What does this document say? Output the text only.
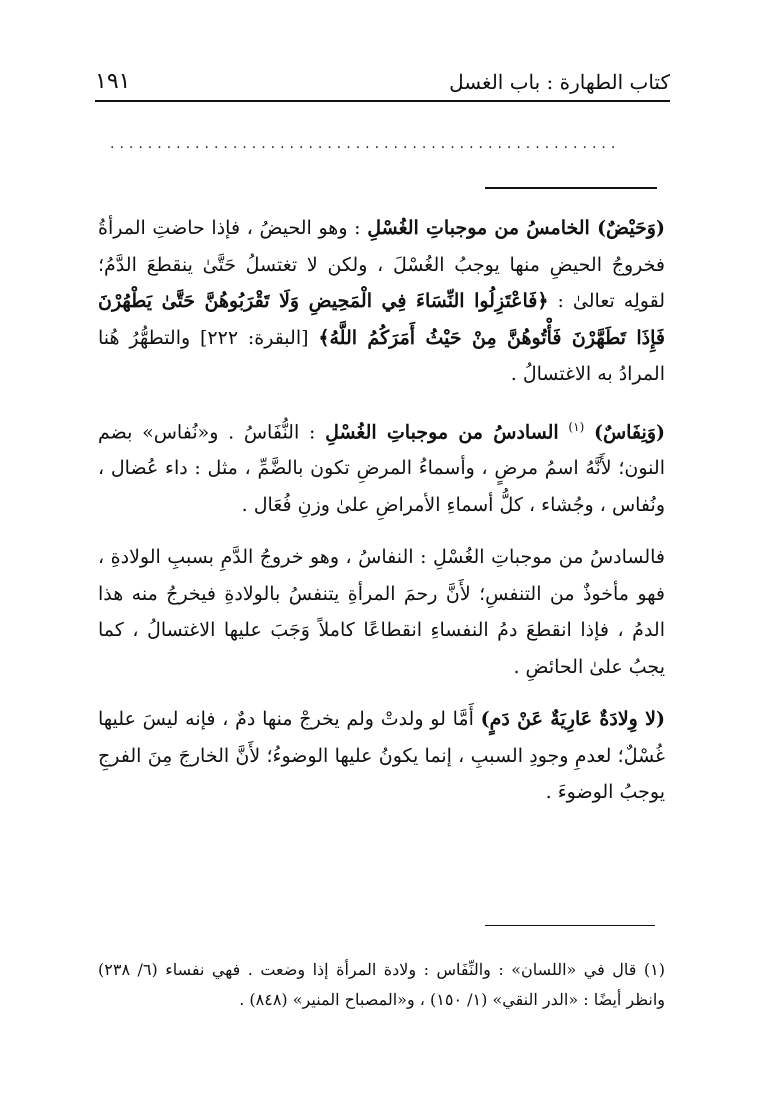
كتاب الطهارة : باب الغسل
١٩١
......................................................

(وَحَيْضٌ) الخامسُ من موجباتِ الغُسْلِ : وهو الحيضُ ، فإذا حاضتِ المرأةُ فخروجُ الحيضِ منها يوجبُ الغُسْلَ ، ولكن لا تغتسلُ حَتَّىٰ ينقطعَ الدَّمُ؛ لقولِه تعالىٰ : ﴿فَاعْتَزِلُوا النِّسَاءَ فِي الْمَحِيضِ وَلَا تَقْرَبُوهُنَّ حَتَّىٰ يَطْهُرْنَ فَإِذَا تَطَهَّرْنَ فَأْتُوهُنَّ مِنْ حَيْثُ أَمَرَكُمُ اللَّهُ﴾ [البقرة: ٢٢٢] والتطهُّرُ هُنا المرادُ به الاغتسالُ .

(وَنِفَاسٌ) $^{(١)}$ السادسُ من موجباتِ الغُسْلِ : النُّفَاسُ . و«نُفاس» بضم النون؛ لأَنَّهُ اسمُ مرضٍ ، وأسماءُ المرضِ تكون بالضَّمِّ ، مثل : داء عُضال ، ونُفاس ، وجُشاء ، كلُّ أسماءِ الأمراضِ علىٰ وزنِ فُعَال .

فالسادسُ من موجباتِ الغُسْلِ : النفاسُ ، وهو خروجُ الدَّمِ بسببِ الولادةِ ، فهو مأخوذٌ من التنفسِ؛ لأَنَّ رحمَ المرأةِ يتنفسُ بالولادةِ فيخرجُ منه هذا الدمُ ، فإذا انقطعَ دمُ النفساءِ انقطاعًا كاملاً وَجَبَ عليها الاغتسالُ ، كما يجبُ علىٰ الحائضِ .

(لا وِلادَةٌ عَارِيَةٌ عَنْ دَمٍ) أَمَّا لو ولدتْ ولم يخرجْ منها دمٌ ، فإنه ليسَ عليها غُسْلٌ؛ لعدمِ وجودِ السببِ ، إنما يكونُ عليها الوضوءُ؛ لأَنَّ الخارجَ مِنَ الفرجِ يوجبُ الوضوءَ .

(١) قال في «اللسان» : والنِّفَاس : ولادة المرأة إذا وضعت . فهي نفساء (٦/ ٢٣٨) وانظر أيضًا : «الدر النقي» (١/ ١٥٠) ، و«المصباح المنير» (٨٤٨) .
